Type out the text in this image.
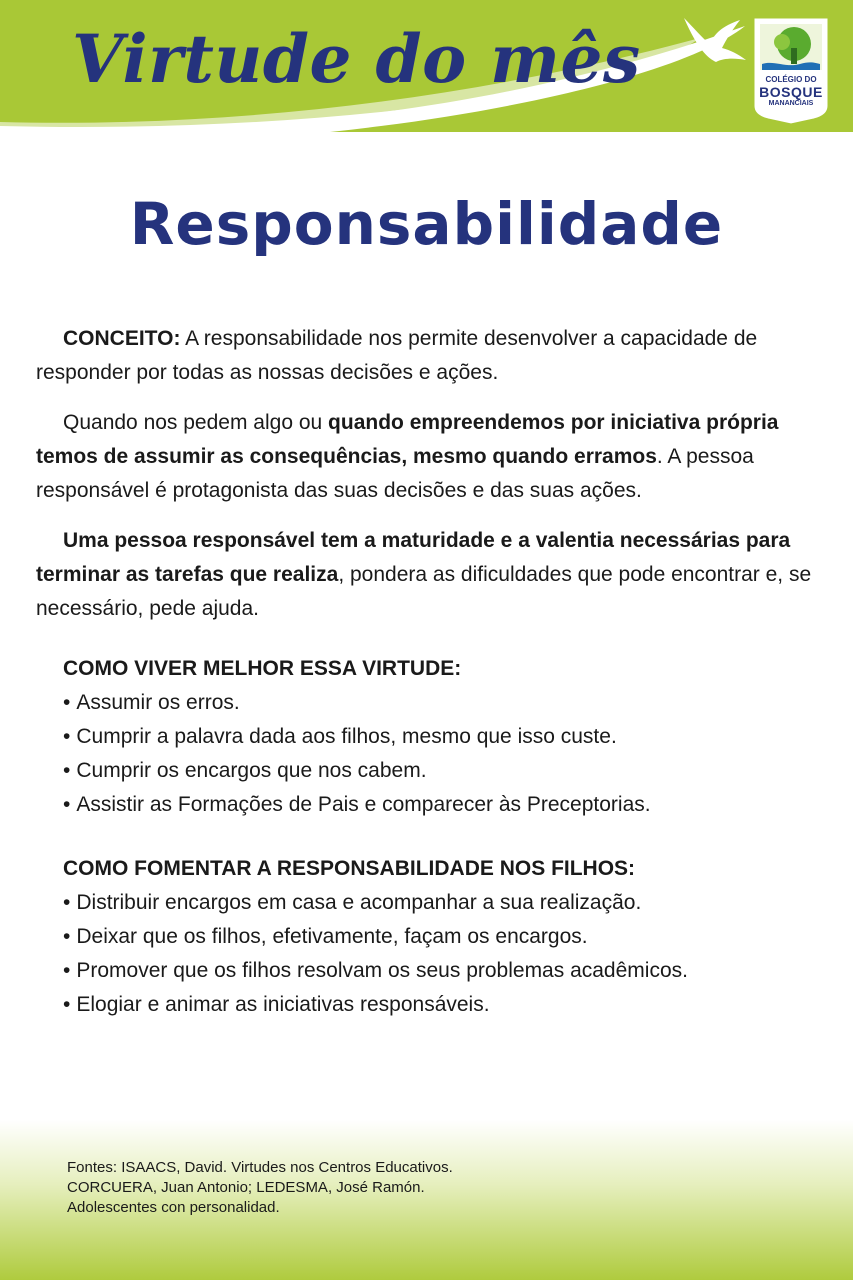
Virtude do mês	COLÉGIO DO
BOSQUE
MANANCIAIS
Responsabilidade

CONCEITO: A responsabilidade nos permite desenvolver a capacidade de responder por todas as nossas decisões e ações.

Quando nos pedem algo ou quando empreendemos por iniciativa própria temos de assumir as consequências, mesmo quando erramos. A pessoa responsável é protagonista das suas decisões e das suas ações.

Uma pessoa responsável tem a maturidade e a valentia necessárias para terminar as tarefas que realiza, pondera as dificuldades que pode encontrar e, se necessário, pede ajuda.

COMO VIVER MELHOR ESSA VIRTUDE:
• Assumir os erros.
• Cumprir a palavra dada aos filhos, mesmo que isso custe.
• Cumprir os encargos que nos cabem.
• Assistir as Formações de Pais e comparecer às Preceptorias.
COMO FOMENTAR A RESPONSABILIDADE NOS FILHOS:
• Distribuir encargos em casa e acompanhar a sua realização.
• Deixar que os filhos, efetivamente, façam os encargos.
• Promover que os filhos resolvam os seus problemas acadêmicos.
• Elogiar e animar as iniciativas responsáveis.
Fontes: ISAACS, David. Virtudes nos Centros Educativos.
CORCUERA, Juan Antonio; LEDESMA, José Ramón.
Adolescentes con personalidad.
